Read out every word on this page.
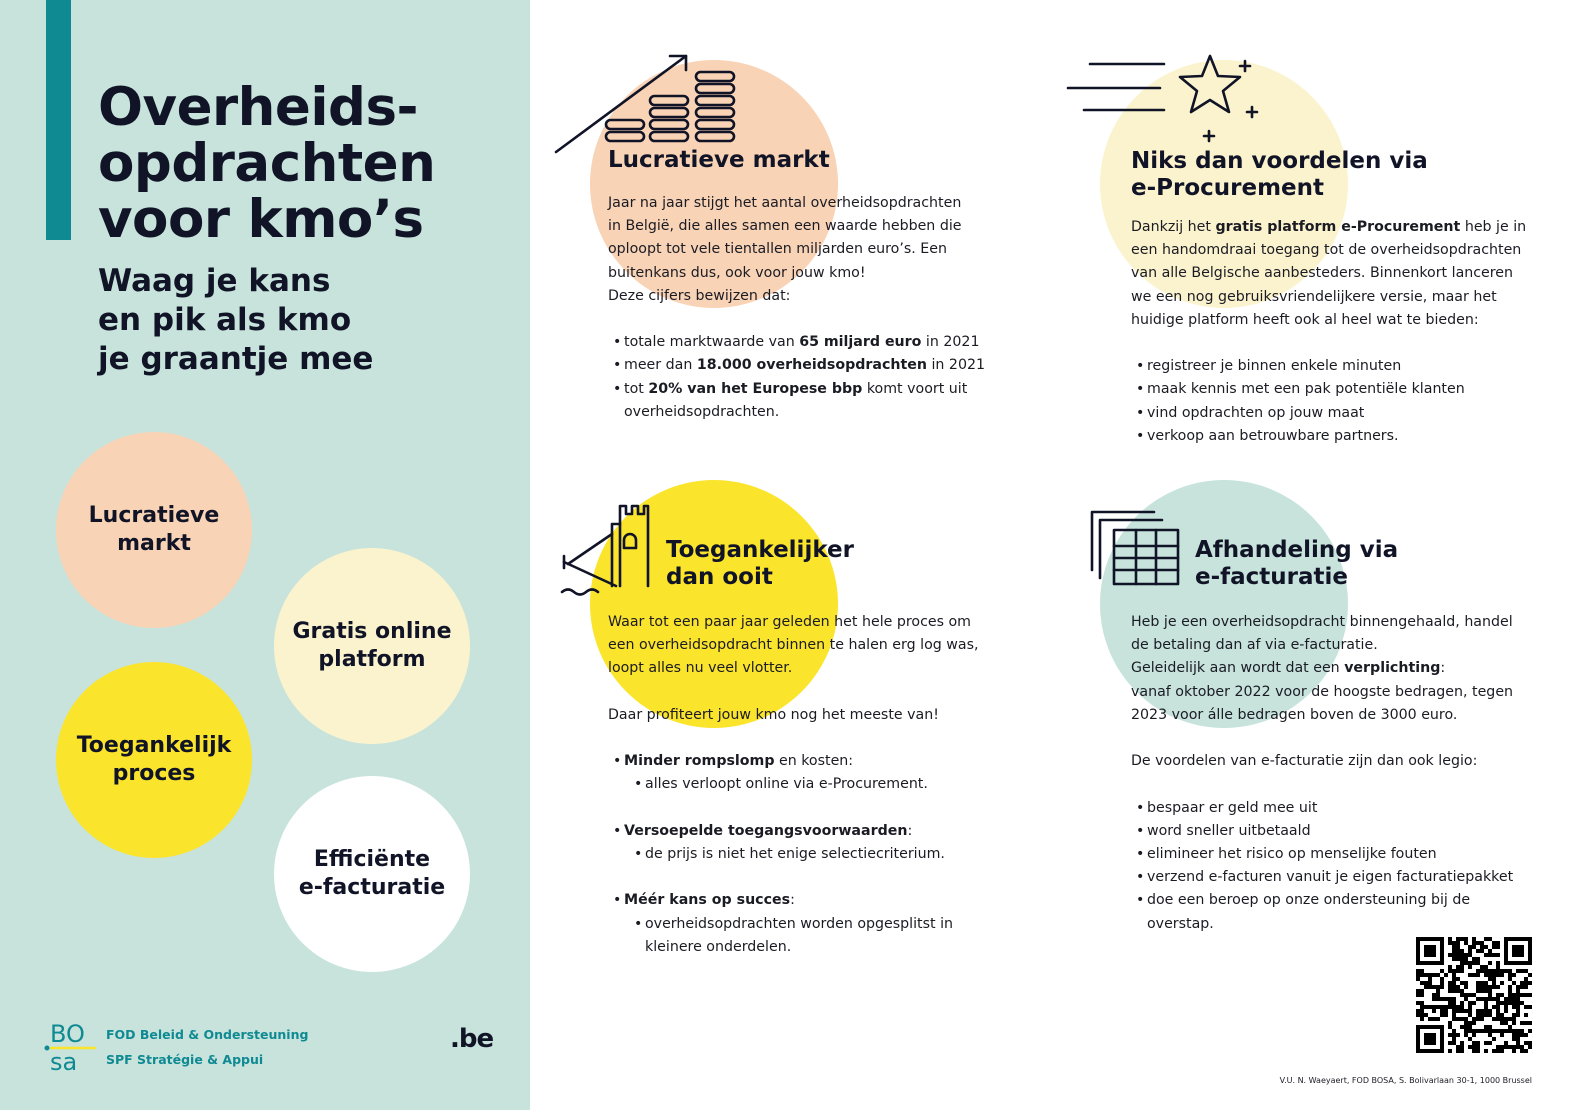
Overheids-
opdrachten
voor kmo’s
Waag je kans
en pik als kmo
je graantje mee
Lucratieve
markt
Gratis online
platform
Toegankelijk
proces
Efficiënte
e-facturatie
BO
sa
FOD Beleid & Ondersteuning
SPF Stratégie & Appui
.be
Lucratieve markt

Jaar na jaar stijgt het aantal overheidsopdrachten

in België, die alles samen een waarde hebben die

oploopt tot vele tientallen miljarden euro’s. Een

buitenkans dus, ook voor jouw kmo!

Deze cijfers bewijzen dat:

• totale marktwaarde van 65 miljard euro in 2021

• meer dan 18.000 overheidsopdrachten in 2021

• tot 20% van het Europese bbp komt voort uit

overheidsopdrachten.

Niks dan voordelen via
e-Procurement

Dankzij het gratis platform e-Procurement heb je in

een handomdraai toegang tot de overheidsopdrachten

van alle Belgische aanbesteders. Binnenkort lanceren

we een nog gebruiksvriendelijkere versie, maar het

huidige platform heeft ook al heel wat te bieden:

• registreer je binnen enkele minuten

• maak kennis met een pak potentiële klanten

• vind opdrachten op jouw maat

• verkoop aan betrouwbare partners.

Toegankelijker
dan ooit

Waar tot een paar jaar geleden het hele proces om

een overheidsopdracht binnen te halen erg log was,

loopt alles nu veel vlotter.

Daar profiteert jouw kmo nog het meeste van!

• Minder rompslomp en kosten:

• alles verloopt online via e-Procurement.

• Versoepelde toegangsvoorwaarden:

• de prijs is niet het enige selectiecriterium.

• Méér kans op succes:

• overheidsopdrachten worden opgesplitst in

kleinere onderdelen.

Afhandeling via
e-facturatie

Heb je een overheidsopdracht binnengehaald, handel

de betaling dan af via e-facturatie.

Geleidelijk aan wordt dat een verplichting:

vanaf oktober 2022 voor de hoogste bedragen, tegen

2023 voor álle bedragen boven de 3000 euro.

De voordelen van e-facturatie zijn dan ook legio:

• bespaar er geld mee uit

• word sneller uitbetaald

• elimineer het risico op menselijke fouten

• verzend e-facturen vanuit je eigen facturatiepakket

• doe een beroep op onze ondersteuning bij de

overstap.

V.U. N. Waeyaert, FOD BOSA, S. Bolivarlaan 30-1, 1000 Brussel
